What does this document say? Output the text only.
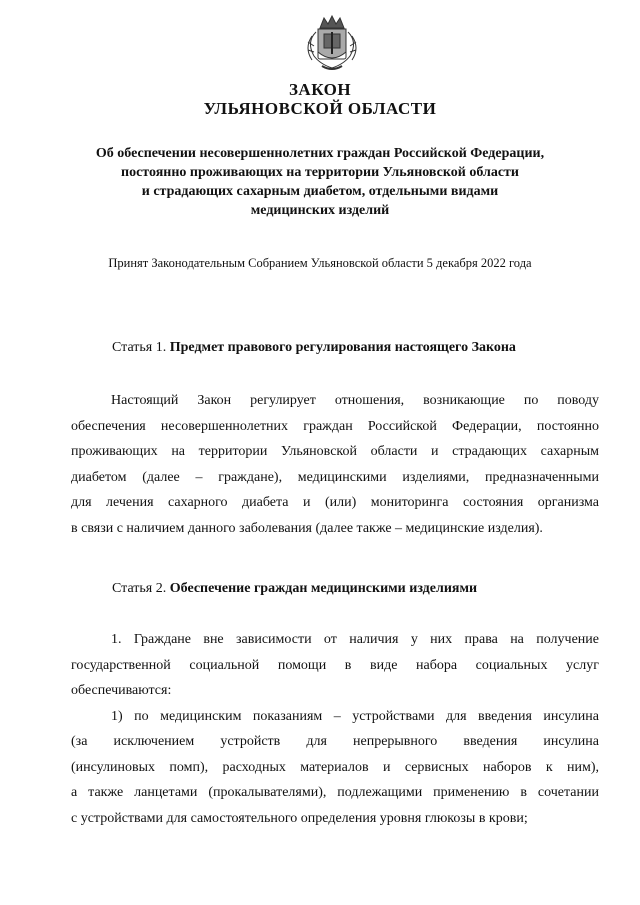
ЗАКОН
УЛЬЯНОВСКОЙ ОБЛАСТИ
Об обеспечении несовершеннолетних граждан Российской Федерации,
постоянно проживающих на территории Ульяновской области
и страдающих сахарным диабетом, отдельными видами
медицинских изделий
Принят Законодательным Собранием Ульяновской области 5 декабря 2022 года
Статья 1. Предмет правового регулирования настоящего Закона
Настоящий Закон регулирует отношения, возникающие по поводу
обеспечения несовершеннолетних граждан Российской Федерации, постоянно
проживающих на территории Ульяновской области и страдающих сахарным
диабетом (далее – граждане), медицинскими изделиями, предназначенными
для лечения сахарного диабета и (или) мониторинга состояния организма
в связи с наличием данного заболевания (далее также – медицинские изделия).
Статья 2. Обеспечение граждан медицинскими изделиями
1. Граждане вне зависимости от наличия у них права на получение
государственной социальной помощи в виде набора социальных услуг
обеспечиваются:
1) по медицинским показаниям – устройствами для введения инсулина
(за исключением устройств для непрерывного введения инсулина
(инсулиновых помп), расходных материалов и сервисных наборов к ним),
а также ланцетами (прокалывателями), подлежащими применению в сочетании
с устройствами для самостоятельного определения уровня глюкозы в крови;
